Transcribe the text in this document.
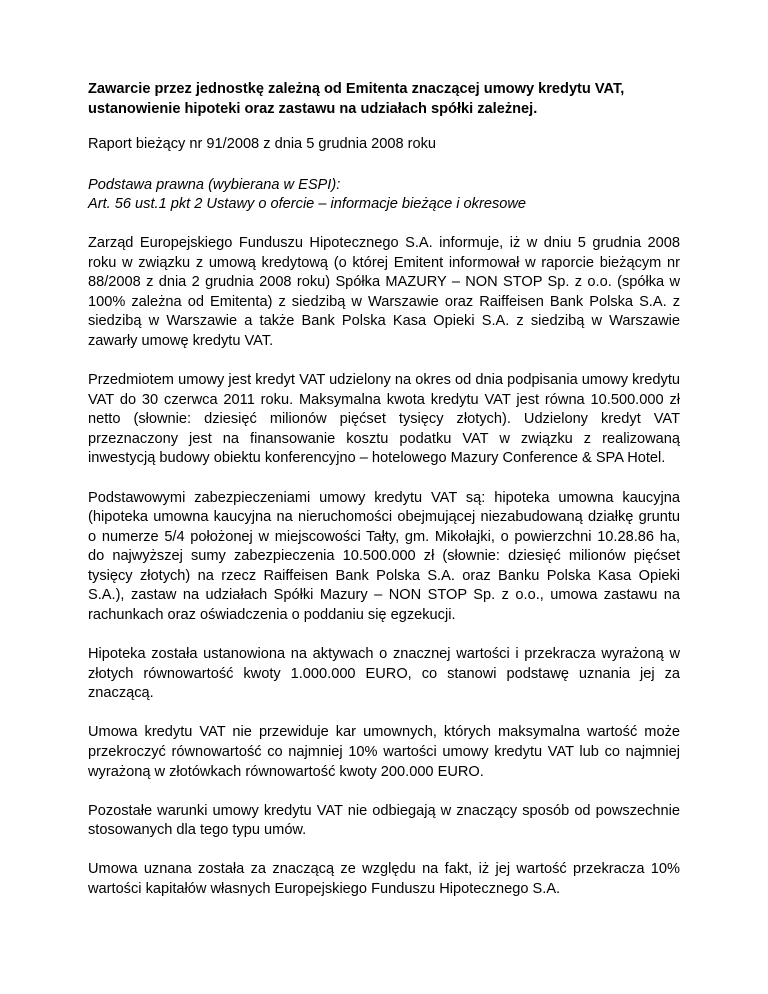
Zawarcie przez jednostkę zależną od Emitenta znaczącej umowy kredytu VAT, ustanowienie hipoteki oraz zastawu na udziałach spółki zależnej.

Raport bieżący nr 91/2008 z dnia 5 grudnia 2008 roku

Podstawa prawna (wybierana w ESPI):
Art. 56 ust.1 pkt 2 Ustawy o ofercie – informacje bieżące i okresowe

Zarząd Europejskiego Funduszu Hipotecznego S.A. informuje, iż w dniu 5 grudnia 2008 roku w związku z umową kredytową (o której Emitent informował w raporcie bieżącym nr 88/2008 z dnia 2 grudnia 2008 roku) Spółka MAZURY – NON STOP Sp. z o.o. (spółka w 100% zależna od Emitenta) z siedzibą w Warszawie oraz Raiffeisen Bank Polska S.A. z siedzibą w Warszawie a także Bank Polska Kasa Opieki S.A. z siedzibą w Warszawie zawarły umowę kredytu VAT.

Przedmiotem umowy jest kredyt VAT udzielony na okres od dnia podpisania umowy kredytu VAT do 30 czerwca 2011 roku. Maksymalna kwota kredytu VAT jest równa 10.500.000 zł netto (słownie: dziesięć milionów pięćset tysięcy złotych). Udzielony kredyt VAT przeznaczony jest na finansowanie kosztu podatku VAT w związku z realizowaną inwestycją budowy obiektu konferencyjno – hotelowego Mazury Conference & SPA Hotel.

Podstawowymi zabezpieczeniami umowy kredytu VAT są: hipoteka umowna kaucyjna (hipoteka umowna kaucyjna na nieruchomości obejmującej niezabudowaną działkę gruntu o numerze 5/4 położonej w miejscowości Tałty, gm. Mikołajki, o powierzchni 10.28.86 ha, do najwyższej sumy zabezpieczenia 10.500.000 zł (słownie: dziesięć milionów pięćset tysięcy złotych) na rzecz Raiffeisen Bank Polska S.A. oraz Banku Polska Kasa Opieki S.A.), zastaw na udziałach Spółki Mazury – NON STOP Sp. z o.o., umowa zastawu na rachunkach oraz oświadczenia o poddaniu się egzekucji.

Hipoteka została ustanowiona na aktywach o znacznej wartości i przekracza wyrażoną w złotych równowartość kwoty 1.000.000 EURO, co stanowi podstawę uznania jej za znaczącą.

Umowa kredytu VAT nie przewiduje kar umownych, których maksymalna wartość może przekroczyć równowartość co najmniej 10% wartości umowy kredytu VAT lub co najmniej wyrażoną w złotówkach równowartość kwoty 200.000 EURO.

Pozostałe warunki umowy kredytu VAT nie odbiegają w znaczący sposób od powszechnie stosowanych dla tego typu umów.

Umowa uznana została za znaczącą ze względu na fakt, iż jej wartość przekracza 10% wartości kapitałów własnych Europejskiego Funduszu Hipotecznego S.A.
